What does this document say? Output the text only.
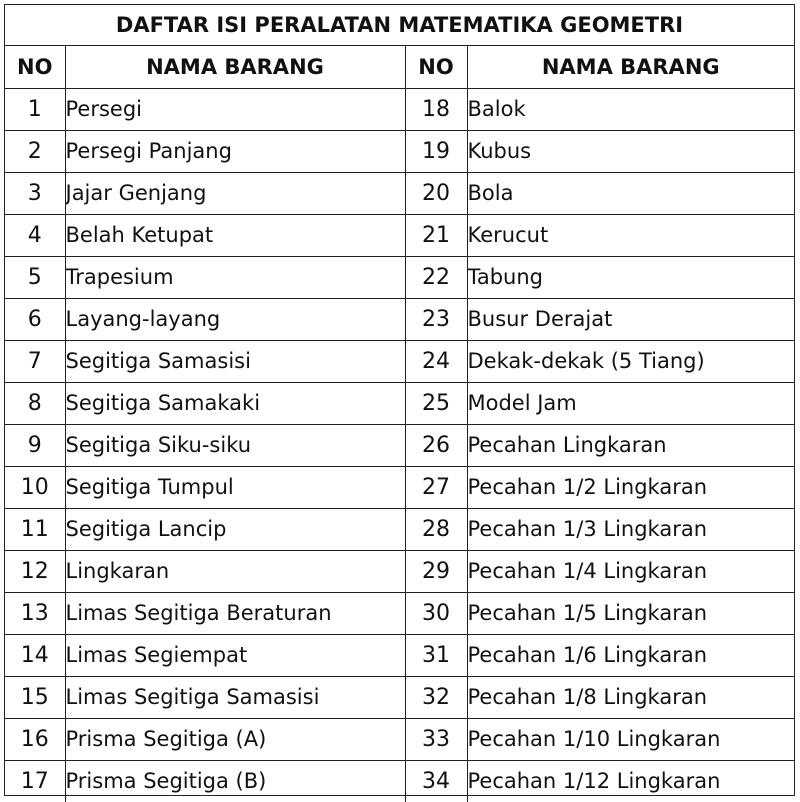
DAFTAR ISI PERALATAN MATEMATIKA GEOMETRI
NO	NAMA BARANG	NO	NAMA BARANG
1	Persegi	18	Balok
2	Persegi Panjang	19	Kubus
3	Jajar Genjang	20	Bola
4	Belah Ketupat	21	Kerucut
5	Trapesium	22	Tabung
6	Layang-layang	23	Busur Derajat
7	Segitiga Samasisi	24	Dekak-dekak (5 Tiang)
8	Segitiga Samakaki	25	Model Jam
9	Segitiga Siku-siku	26	Pecahan Lingkaran
10	Segitiga Tumpul	27	Pecahan 1/2 Lingkaran
11	Segitiga Lancip	28	Pecahan 1/3 Lingkaran
12	Lingkaran	29	Pecahan 1/4 Lingkaran
13	Limas Segitiga Beraturan	30	Pecahan 1/5 Lingkaran
14	Limas Segiempat	31	Pecahan 1/6 Lingkaran
15	Limas Segitiga Samasisi	32	Pecahan 1/8 Lingkaran
16	Prisma Segitiga (A)	33	Pecahan 1/10 Lingkaran
17	Prisma Segitiga (B)	34	Pecahan 1/12 Lingkaran
